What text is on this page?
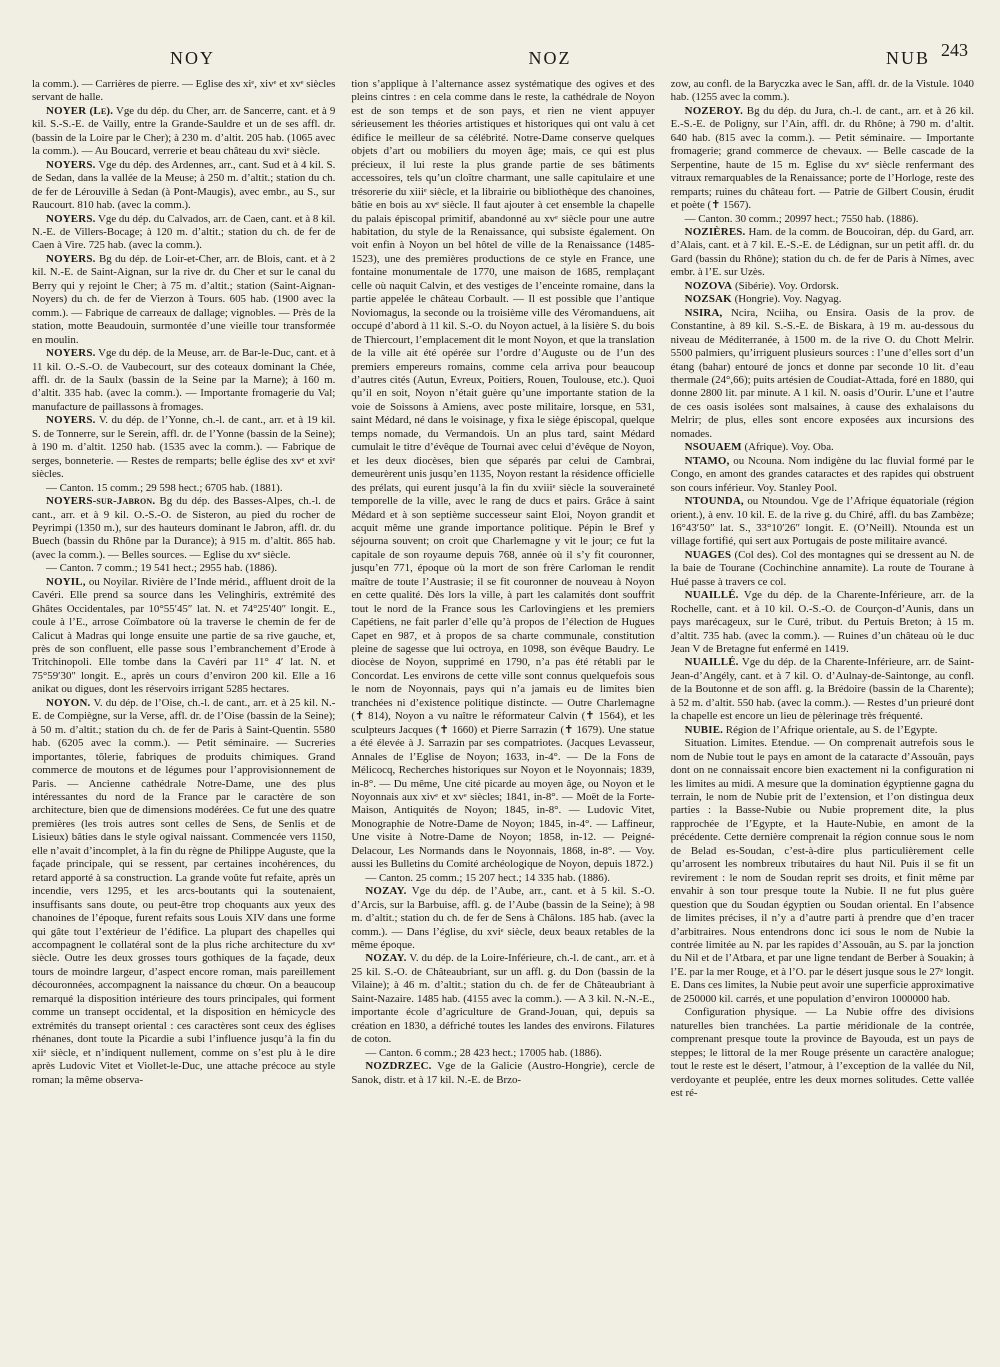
NOY	NOZ	NUB 243

la comm.). — Carrières de pierre. — Eglise des xiᵉ, xivᵉ et xvᵉ siècles servant de halle.

NOYER (Le). Vge du dép. du Cher, arr. de Sancerre, cant. et à 9 kil. S.-S.-E. de Vailly, entre la Grande-Sauldre et un de ses affl. dr. (bassin de la Loire par le Cher); à 230 m. d’altit. 205 hab. (1065 avec la comm.). — Au Boucard, verrerie et beau château du xviᵉ siècle.

NOYERS. Vge du dép. des Ardennes, arr., cant. Sud et à 4 kil. S. de Sedan, dans la vallée de la Meuse; à 250 m. d’altit.; station du ch. de fer de Lérouville à Sedan (à Pont-Maugis), avec embr., au S., sur Raucourt. 810 hab. (avec la comm.).

NOYERS. Vge du dép. du Calvados, arr. de Caen, cant. et à 8 kil. N.-E. de Villers-Bocage; à 120 m. d’altit.; station du ch. de fer de Caen à Vire. 725 hab. (avec la comm.).

NOYERS. Bg du dép. de Loir-et-Cher, arr. de Blois, cant. et à 2 kil. N.-E. de Saint-Aignan, sur la rive dr. du Cher et sur le canal du Berry qui y rejoint le Cher; à 75 m. d’altit.; station (Saint-Aignan-Noyers) du ch. de fer de Vierzon à Tours. 605 hab. (1900 avec la comm.). — Fabrique de carreaux de dallage; vignobles. — Près de la station, motte Beaudouin, surmontée d’une vieille tour transformée en moulin.

NOYERS. Vge du dép. de la Meuse, arr. de Bar-le-Duc, cant. et à 11 kil. O.-S.-O. de Vaubecourt, sur des coteaux dominant la Chée, affl. dr. de la Saulx (bassin de la Seine par la Marne); à 160 m. d’altit. 335 hab. (avec la comm.). — Importante fromagerie du Val; manufacture de paillassons à fromages.

NOYERS. V. du dép. de l’Yonne, ch.-l. de cant., arr. et à 19 kil. S. de Tonnerre, sur le Serein, affl. dr. de l’Yonne (bassin de la Seine); à 190 m. d’altit. 1250 hab. (1535 avec la comm.). — Fabrique de serges, bonneterie. — Restes de remparts; belle église des xvᵉ et xviᵉ siècles.
— Canton. 15 comm.; 29 598 hect.; 6705 hab. (1881).

NOYERS-sur-Jabron. Bg du dép. des Basses-Alpes, ch.-l. de cant., arr. et à 9 kil. O.-S.-O. de Sisteron, au pied du rocher de Peyrimpi (1350 m.), sur des hauteurs dominant le Jabron, affl. dr. du Buech (bassin du Rhône par la Durance); à 915 m. d’altit. 865 hab. (avec la comm.). — Belles sources. — Eglise du xvᵉ siècle.
— Canton. 7 comm.; 19 541 hect.; 2955 hab. (1886).

NOYIL, ou Noyilar. Rivière de l’Inde mérid., affluent droit de la Cavéri. Elle prend sa source dans les Velinghiris, extrémité des Ghâtes Occidentales, par 10°55′45″ lat. N. et 74°25′40″ longit. E., coule à l’E., arrose Coïmbatore où la traverse le chemin de fer de Calicut à Madras qui longe ensuite une partie de sa rive gauche, et, près de son confluent, elle passe sous l’embranchement d’Erode à Tritchinopoli. Elle tombe dans la Cavéri par 11° 4′ lat. N. et 75°59′30″ longit. E., après un cours d’environ 200 kil. Elle a 16 anikat ou digues, dont les réservoirs irrigant 5285 hectares.

NOYON. V. du dép. de l’Oise, ch.-l. de cant., arr. et à 25 kil. N.-E. de Compiègne, sur la Verse, affl. dr. de l’Oise (bassin de la Seine); à 50 m. d’altit.; station du ch. de fer de Paris à Saint-Quentin. 5580 hab. (6205 avec la comm.). — Petit séminaire. — Sucreries importantes, tôlerie, fabriques de produits chimiques. Grand commerce de moutons et de légumes pour l’approvisionnement de Paris. — Ancienne cathédrale Notre-Dame, une des plus intéressantes du nord de la France par le caractère de son architecture, bien que de dimensions modérées. Ce fut une des quatre premières (les trois autres sont celles de Sens, de Senlis et de Lisieux) bâties dans le style ogival naissant. Commencée vers 1150, elle n’avait d’incomplet, à la fin du règne de Philippe Auguste, que la façade principale, qui se ressent, par certaines incohérences, du retard apporté à sa construction. La grande voûte fut refaite, après un incendie, vers 1295, et les arcs-boutants qui la soutenaient, insuffisants sans doute, ou peut-être trop choquants aux yeux des chanoines de l’époque, furent refaits sous Louis XIV dans une forme qui gâte tout l’extérieur de l’édifice. La plupart des chapelles qui accompagnent le collatéral sont de la plus riche architecture du xvᵉ siècle. Outre les deux grosses tours gothiques de la façade, deux tours de moindre largeur, d’aspect encore roman, mais pareillement découronnées, accompagnent la naissance du chœur. On a beaucoup remarqué la disposition intérieure des tours principales, qui forment comme un transept occidental, et la disposition en hémicycle des extrémités du transept oriental : ces caractères sont ceux des églises rhénanes, dont toute la Picardie a subi l’influence jusqu’à la fin du xiiᵉ siècle, et n’indiquent nullement, comme on s’est plu à le dire après Ludovic Vitet et Viollet-le-Duc, une attache précoce au style roman; la même observa-

tion s’applique à l’alternance assez systématique des ogives et des pleins cintres : en cela comme dans le reste, la cathédrale de Noyon est de son temps et de son pays, et rien ne vient appuyer sérieusement les théories artistiques et historiques qui ont valu à cet édifice le meilleur de sa célébrité. Notre-Dame conserve quelques objets d’art ou mobiliers du moyen âge; mais, ce qui est plus précieux, il lui reste la plus grande partie de ses bâtiments accessoires, tels qu’un cloître charmant, une salle capitulaire et une trésorerie du xiiiᵉ siècle, et la librairie ou bibliothèque des chanoines, bâtie en bois au xvᵉ siècle. Il faut ajouter à cet ensemble la chapelle du palais épiscopal primitif, abandonné au xvᵉ siècle pour une autre habitation, du style de la Renaissance, qui subsiste également. On voit enfin à Noyon un bel hôtel de ville de la Renaissance (1485-1523), une des premières productions de ce style en France, une fontaine monumentale de 1770, une maison de 1685, remplaçant celle où naquit Calvin, et des vestiges de l’enceinte romaine, dans la partie appelée le château Corbault. — Il est possible que l’antique Noviomagus, la seconde ou la troisième ville des Véromanduens, ait occupé d’abord à 11 kil. S.-O. du Noyon actuel, à la lisière S. du bois de Thiercourt, l’emplacement dit le mont Noyon, et que la translation de la ville ait été opérée sur l’ordre d’Auguste ou de l’un des premiers empereurs romains, comme cela arriva pour beaucoup d’autres cités (Autun, Evreux, Poitiers, Rouen, Toulouse, etc.). Quoi qu’il en soit, Noyon n’était guère qu’une importante station de la voie de Soissons à Amiens, avec poste militaire, lorsque, en 531, saint Médard, né dans le voisinage, y fixa le siège épiscopal, quelque temps nomade, du Vermandois. Un an plus tard, saint Médard cumulait le titre d’évêque de Tournai avec celui d’évêque de Noyon, et les deux diocèses, bien que séparés par celui de Cambrai, demeurèrent unis jusqu’en 1135, Noyon restant la résidence officielle des prélats, qui eurent jusqu’à la fin du xviiiᵉ siècle la souveraineté temporelle de la ville, avec le rang de ducs et pairs. Grâce à saint Médard et à son septième successeur saint Eloi, Noyon grandit et acquit même une grande importance politique. Pépin le Bref y séjourna souvent; on croit que Charlemagne y vit le jour; ce fut la capitale de son royaume depuis 768, année où il s’y fit couronner, jusqu’en 771, époque où la mort de son frère Carloman le rendit maître de toute l’Austrasie; il se fit couronner de nouveau à Noyon en cette qualité. Dès lors la ville, à part les calamités dont souffrit tout le nord de la France sous les Carlovingiens et les premiers Capétiens, ne fait parler d’elle qu’à propos de l’élection de Hugues Capet en 987, et à propos de sa charte communale, constitution pleine de sagesse que lui octroya, en 1098, son évêque Baudry. Le diocèse de Noyon, supprimé en 1790, n’a pas été rétabli par le Concordat. Les environs de cette ville sont connus quelquefois sous le nom de Noyonnais, pays qui n’a jamais eu de limites bien tranchées ni d’existence politique distincte. — Outre Charlemagne (✝ 814), Noyon a vu naître le réformateur Calvin (✝ 1564), et les sculpteurs Jacques (✝ 1660) et Pierre Sarrazin (✝ 1679). Une statue a été élevée à J. Sarrazin par ses compatriotes. (Jacques Levasseur, Annales de l’Eglise de Noyon; 1633, in-4°. — De la Fons de Mélicocq, Recherches historiques sur Noyon et le Noyonnais; 1839, in-8°. — Du même, Une cité picarde au moyen âge, ou Noyon et le Noyonnais aux xivᵉ et xvᵉ siècles; 1841, in-8°. — Moët de la Forte-Maison, Antiquités de Noyon; 1845, in-8°. — Ludovic Vitet, Monographie de Notre-Dame de Noyon; 1845, in-4°. — Laffineur, Une visite à Notre-Dame de Noyon; 1858, in-12. — Peigné-Delacour, Les Normands dans le Noyonnais, 1868, in-8°. — Voy. aussi les Bulletins du Comité archéologique de Noyon, depuis 1872.)
— Canton. 25 comm.; 15 207 hect.; 14 335 hab. (1886).

NOZAY. Vge du dép. de l’Aube, arr., cant. et à 5 kil. S.-O. d’Arcis, sur la Barbuise, affl. g. de l’Aube (bassin de la Seine); à 98 m. d’altit.; station du ch. de fer de Sens à Châlons. 185 hab. (avec la comm.). — Dans l’église, du xviᵉ siècle, deux beaux retables de la même époque.

NOZAY. V. du dép. de la Loire-Inférieure, ch.-l. de cant., arr. et à 25 kil. S.-O. de Châteaubriant, sur un affl. g. du Don (bassin de la Vilaine); à 46 m. d’altit.; station du ch. de fer de Châteaubriant à Saint-Nazaire. 1485 hab. (4155 avec la comm.). — A 3 kil. N.-N.-E., importante école d’agriculture de Grand-Jouan, qui, depuis sa création en 1830, a défriché toutes les landes des environs. Filatures de coton.
— Canton. 6 comm.; 28 423 hect.; 17005 hab. (1886).

NOZDRZEC. Vge de la Galicie (Austro-Hongrie), cercle de Sanok, distr. et à 17 kil. N.-E. de Brzo-

zow, au confl. de la Baryczka avec le San, affl. dr. de la Vistule. 1040 hab. (1255 avec la comm.).

NOZEROY. Bg du dép. du Jura, ch.-l. de cant., arr. et à 26 kil. E.-S.-E. de Poligny, sur l’Ain, affl. dr. du Rhône; à 790 m. d’altit. 640 hab. (815 avec la comm.). — Petit séminaire. — Importante fromagerie; grand commerce de chevaux. — Belle cascade de la Serpentine, haute de 15 m. Eglise du xvᵉ siècle renfermant des vitraux remarquables de la Renaissance; porte de l’Horloge, reste des remparts; ruines du château fort. — Patrie de Gilbert Cousin, érudit et poète (✝ 1567).
— Canton. 30 comm.; 20997 hect.; 7550 hab. (1886).

NOZIÈRES. Ham. de la comm. de Boucoiran, dép. du Gard, arr. d’Alais, cant. et à 7 kil. E.-S.-E. de Lédignan, sur un petit affl. dr. du Gard (bassin du Rhône); station du ch. de fer de Paris à Nîmes, avec embr. à l’E. sur Uzès.

NOZOVA (Sibérie). Voy. Ordorsk.

NOZSAK (Hongrie). Voy. Nagyag.

NSIRA, Ncira, Nciiha, ou Ensira. Oasis de la prov. de Constantine, à 89 kil. S.-S.-E. de Biskara, à 19 m. au-dessous du niveau de Méditerranée, à 1500 m. de la rive O. du Chott Melrir. 5500 palmiers, qu’irriguent plusieurs sources : l’une d’elles sort d’un étang (bahar) entouré de joncs et donne par seconde 10 lit. d’eau thermale (24°,66); puits artésien de Coudiat-Attada, foré en 1880, qui donne 2800 lit. par minute. A 1 kil. N. oasis d’Ourir. L’une et l’autre de ces oasis isolées sont malsaines, à cause des exhalaisons du Melrir; de plus, elles sont encore exposées aux incursions des nomades.

NSOUAEM (Afrique). Voy. Oba.

NTAMO, ou Ncouna. Nom indigène du lac fluvial formé par le Congo, en amont des grandes cataractes et des rapides qui obstruent son cours inférieur. Voy. Stanley Pool.

NTOUNDA, ou Ntoundou. Vge de l’Afrique équatoriale (région orient.), à env. 10 kil. E. de la rive g. du Chiré, affl. du bas Zambèze; 16°43′50″ lat. S., 33°10′26″ longit. E. (O’Neill). Ntounda est un village fortifié, qui sert aux Portugais de poste militaire avancé.

NUAGES (Col des). Col des montagnes qui se dressent au N. de la baie de Tourane (Cochinchine annamite). La route de Tourane à Hué passe à travers ce col.

NUAILLÉ. Vge du dép. de la Charente-Inférieure, arr. de la Rochelle, cant. et à 10 kil. O.-S.-O. de Courçon-d’Aunis, dans un pays marécageux, sur le Curé, tribut. du Pertuis Breton; à 15 m. d’altit. 735 hab. (avec la comm.). — Ruines d’un château où le duc Jean V de Bretagne fut enfermé en 1419.

NUAILLÉ. Vge du dép. de la Charente-Inférieure, arr. de Saint-Jean-d’Angély, cant. et à 7 kil. O. d’Aulnay-de-Saintonge, au confl. de la Boutonne et de son affl. g. la Brédoire (bassin de la Charente); à 52 m. d’altit. 550 hab. (avec la comm.). — Restes d’un prieuré dont la chapelle est encore un lieu de pèlerinage très fréquenté.

NUBIE. Région de l’Afrique orientale, au S. de l’Egypte.

Situation. Limites. Etendue. — On comprenait autrefois sous le nom de Nubie tout le pays en amont de la cataracte d’Assouân, pays dont on ne connaissait encore bien exactement ni la configuration ni les limites au midi. A mesure que la domination égyptienne gagna du terrain, le nom de Nubie prit de l’extension, et l’on distingua deux parties : la Basse-Nubie ou Nubie proprement dite, la plus rapprochée de l’Egypte, et la Haute-Nubie, en amont de la précédente. Cette dernière comprenait la région connue sous le nom de Belad es-Soudan, c’est-à-dire plus particulièrement celle qu’arrosent les nombreux tributaires du haut Nil. Puis il se fit un revirement : le nom de Soudan reprit ses droits, et finit même par envahir à son tour presque toute la Nubie. Il ne fut plus guère question que du Soudan égyptien ou Soudan oriental. En l’absence de limites précises, il n’y a d’autre parti à prendre que d’en tracer d’arbitraires. Nous entendrons donc ici sous le nom de Nubie la contrée limitée au N. par les rapides d’Assouân, au S. par la jonction du Nil et de l’Atbara, et par une ligne tendant de Berber à Souakin; à l’E. par la mer Rouge, et à l’O. par le désert jusque sous le 27ᵉ longit. E. Dans ces limites, la Nubie peut avoir une superficie approximative de 250000 kil. carrés, et une population d’environ 1000000 hab.

Configuration physique. — La Nubie offre des divisions naturelles bien tranchées. La partie méridionale de la contrée, comprenant presque toute la province de Bayouda, est un pays de steppes; le littoral de la mer Rouge présente un caractère analogue; tout le reste est le désert, l’atmour, à l’exception de la vallée du Nil, verdoyante et peuplée, entre les deux mornes solitudes. Cette vallée est ré-
